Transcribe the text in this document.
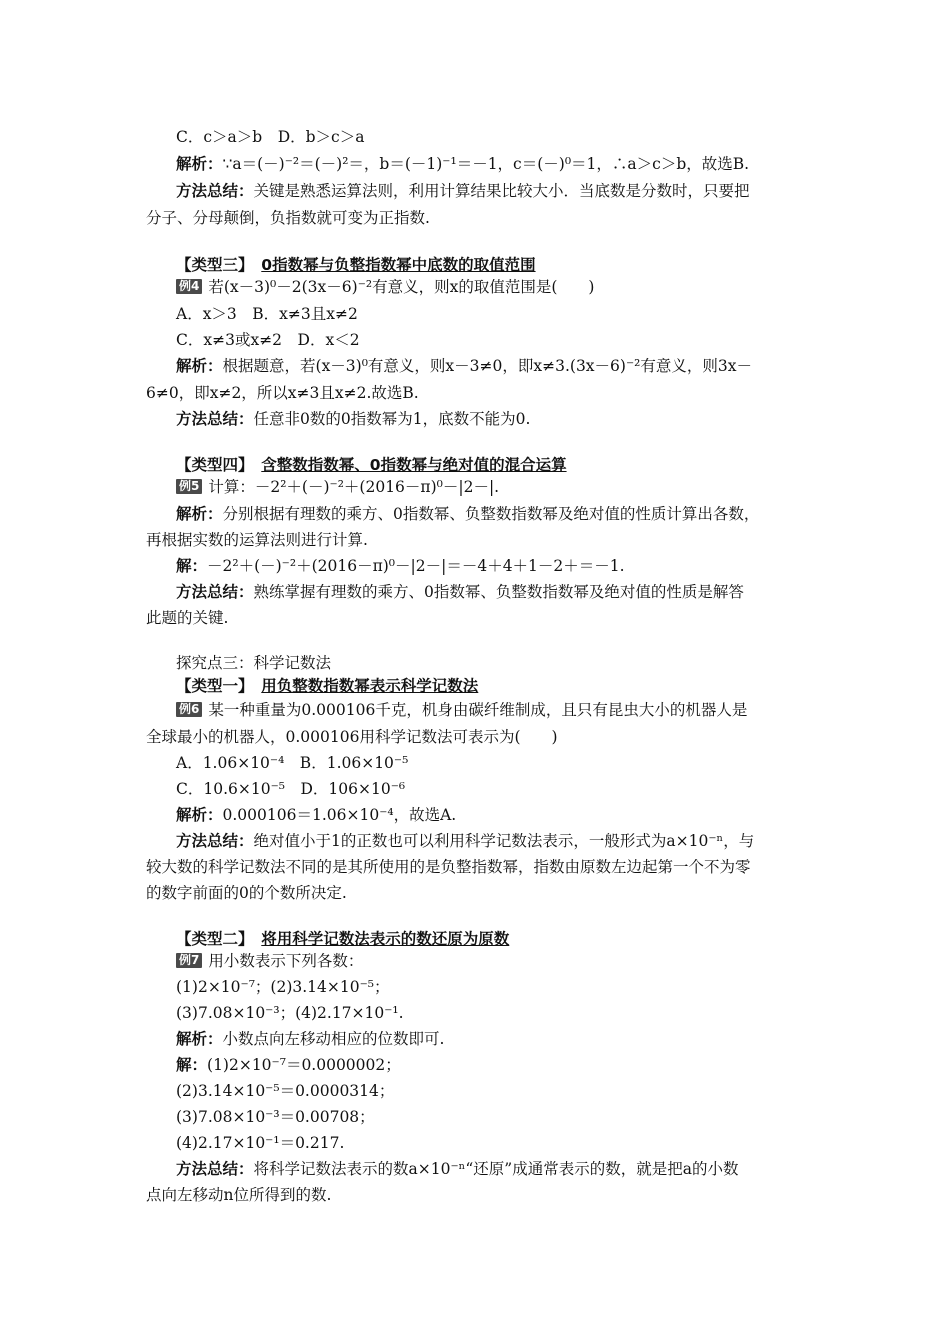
C．c＞a＞b　D．b＞c＞a
解析：∵a＝(－)⁻²＝(－)²＝，b＝(－1)⁻¹＝－1，c＝(－)⁰＝1，∴a＞c＞b，故选B.
方法总结：关键是熟悉运算法则，利用计算结果比较大小．当底数是分数时，只要把
分子、分母颠倒，负指数就可变为正指数.
【类型三】　 0指数幂与负整指数幂中底数的取值范围
例4 若(x－3)⁰－2(3x－6)⁻²有意义，则x的取值范围是(　　)
A．x＞3　B．x≠3且x≠2
C．x≠3或x≠2　D．x＜2
解析：根据题意，若(x－3)⁰有意义，则x－3≠0，即x≠3.(3x－6)⁻²有意义，则3x－
6≠0，即x≠2，所以x≠3且x≠2.故选B.
方法总结：任意非0数的0指数幂为1，底数不能为0.
【类型四】　 含整数指数幂、0指数幂与绝对值的混合运算
例5 计算：－2²＋(－)⁻²＋(2016－π)⁰－|2－|.
解析：分别根据有理数的乘方、0指数幂、负整数指数幂及绝对值的性质计算出各数，
再根据实数的运算法则进行计算.
解：－2²＋(－)⁻²＋(2016－π)⁰－|2－|＝－4＋4＋1－2＋＝－1.
方法总结：熟练掌握有理数的乘方、0指数幂、负整数指数幂及绝对值的性质是解答
此题的关键.
探究点三：科学记数法
【类型一】　 用负整数指数幂表示科学记数法
例6 某一种重量为0.000106千克，机身由碳纤维制成，且只有昆虫大小的机器人是
全球最小的机器人，0.000106用科学记数法可表示为(　　)
A．1.06×10⁻⁴　B．1.06×10⁻⁵
C．10.6×10⁻⁵　D．106×10⁻⁶
解析：0.000106＝1.06×10⁻⁴，故选A.
方法总结：绝对值小于1的正数也可以利用科学记数法表示，一般形式为a×10⁻ⁿ，与
较大数的科学记数法不同的是其所使用的是负整指数幂，指数由原数左边起第一个不为零
的数字前面的0的个数所决定.
【类型二】　 将用科学记数法表示的数还原为原数
例7 用小数表示下列各数：
(1)2×10⁻⁷；(2)3.14×10⁻⁵；
(3)7.08×10⁻³；(4)2.17×10⁻¹.
解析：小数点向左移动相应的位数即可.
解：(1)2×10⁻⁷＝0.0000002；
(2)3.14×10⁻⁵＝0.0000314；
(3)7.08×10⁻³＝0.00708；
(4)2.17×10⁻¹＝0.217.
方法总结：将科学记数法表示的数a×10⁻ⁿ“还原”成通常表示的数，就是把a的小数
点向左移动n位所得到的数.
